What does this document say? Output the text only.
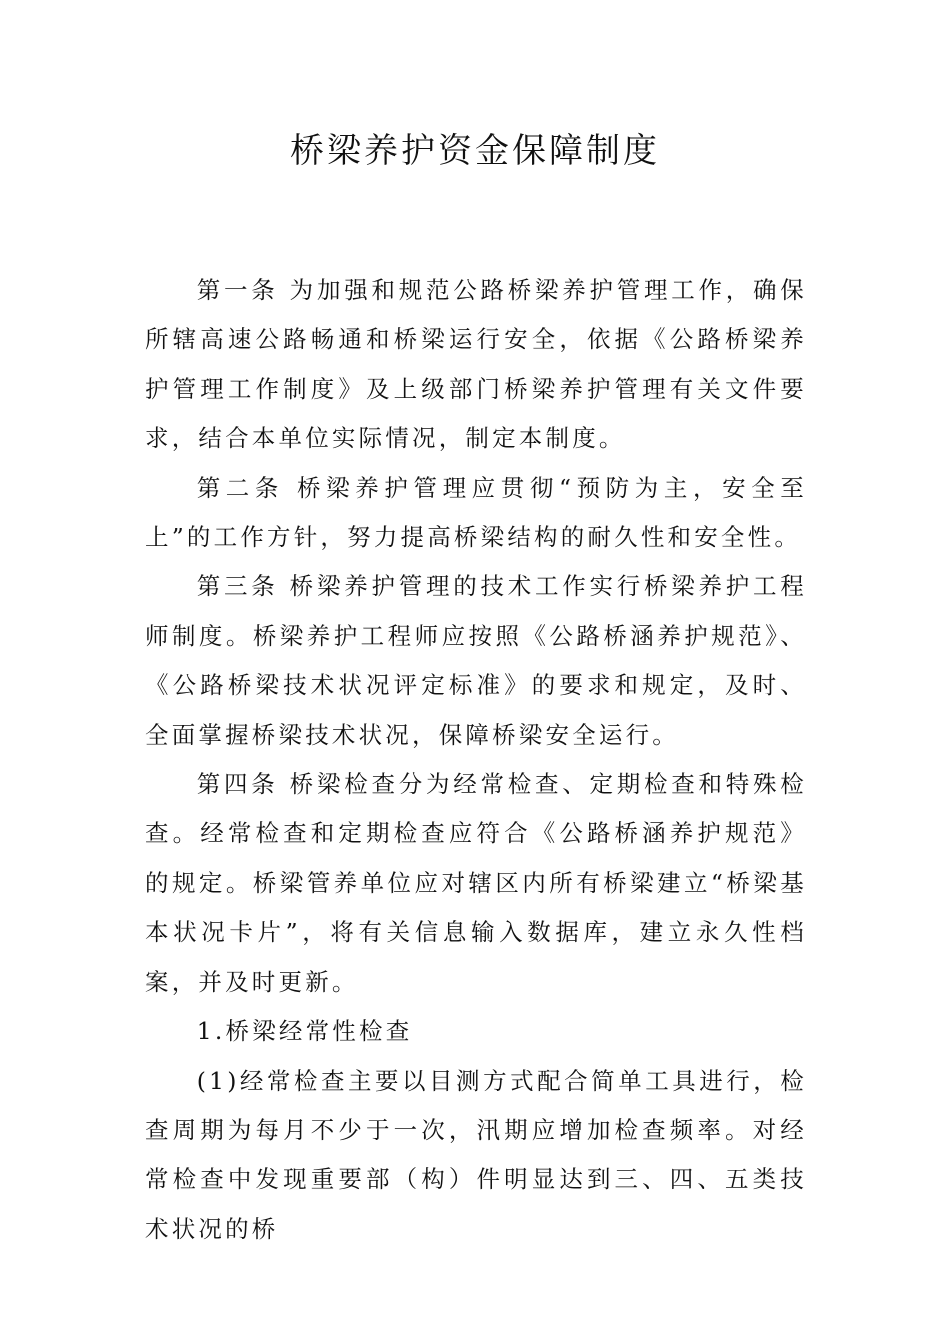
桥梁养护资金保障制度

第一条 为加强和规范公路桥梁养护管理工作，确保所辖高速公路畅通和桥梁运行安全，依据《公路桥梁养护管理工作制度》及上级部门桥梁养护管理有关文件要求，结合本单位实际情况，制定本制度。

第二条 桥梁养护管理应贯彻“预防为主，安全至上”的工作方针，努力提高桥梁结构的耐久性和安全性。

第三条 桥梁养护管理的技术工作实行桥梁养护工程师制度。桥梁养护工程师应按照《公路桥涵养护规范》、《公路桥梁技术状况评定标准》的要求和规定，及时、全面掌握桥梁技术状况，保障桥梁安全运行。

第四条 桥梁检查分为经常检查、定期检查和特殊检查。经常检查和定期检查应符合《公路桥涵养护规范》的规定。桥梁管养单位应对辖区内所有桥梁建立“桥梁基本状况卡片”，将有关信息输入数据库，建立永久性档案，并及时更新。

1.桥梁经常性检查

(1)经常检查主要以目测方式配合简单工具进行，检查周期为每月不少于一次，汛期应增加检查频率。对经常检查中发现重要部（构）件明显达到三、四、五类技术状况的桥
